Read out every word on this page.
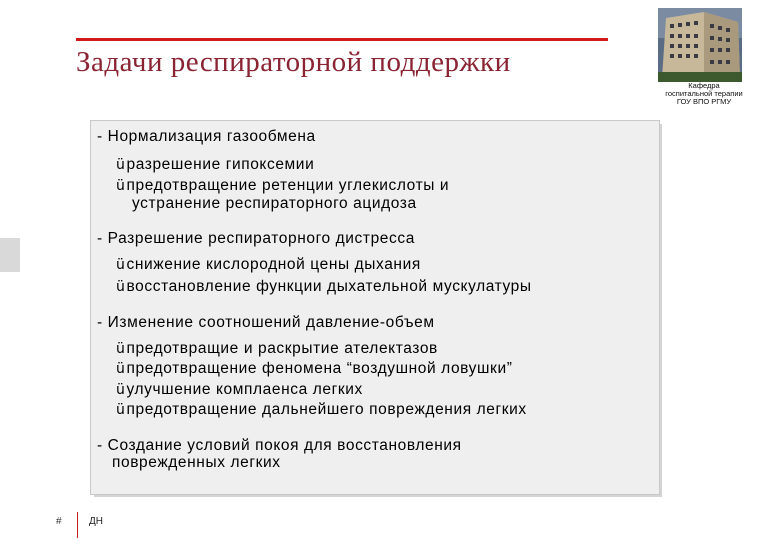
Задачи респираторной поддержки
Кафедра
госпитальной терапии
ГОУ ВПО РГМУ
- Нормализация газообмена
üразрешение гипоксемии
üпредотвращение ретенции углекислоты и
устранение респираторного ацидоза
- Разрешение респираторного дистресса
üснижение кислородной цены дыхания
üвосстановление функции дыхательной мускулатуры
- Изменение соотношений давление-объем
üпредотвращие и раскрытие ателектазов
üпредотвращение феномена “воздушной ловушки”
üулучшение комплаенса легких
üпредотвращение дальнейшего повреждения легких
- Создание условий покоя для восстановления
поврежденных легких
#	ДН
